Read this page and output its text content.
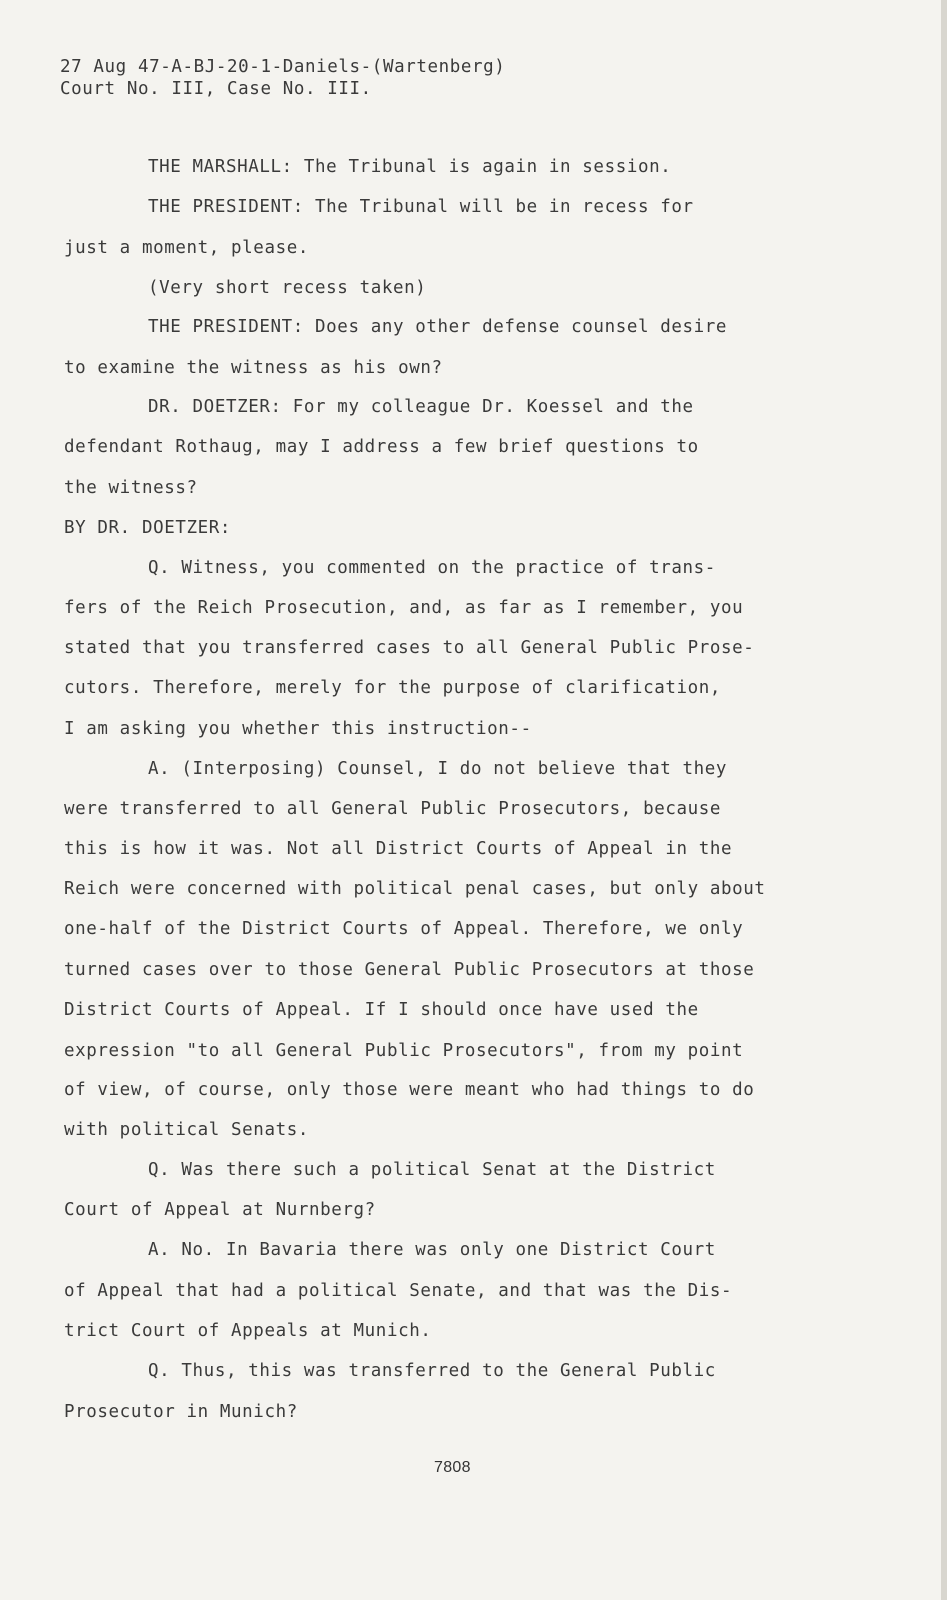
27 Aug 47-A-BJ-20-1-Daniels-(Wartenberg)
Court No. III, Case No. III.
THE MARSHALL: The Tribunal is again in session.
THE PRESIDENT: The Tribunal will be in recess for
just a moment, please.
(Very short recess taken)
THE PRESIDENT: Does any other defense counsel desire
to examine the witness as his own?
DR. DOETZER: For my colleague Dr. Koessel and the
defendant Rothaug, may I address a few brief questions to
the witness?
BY DR. DOETZER:
Q. Witness, you commented on the practice of trans-
fers of the Reich Prosecution, and, as far as I remember, you
stated that you transferred cases to all General Public Prose-
cutors. Therefore, merely for the purpose of clarification,
I am asking you whether this instruction--
A. (Interposing) Counsel, I do not believe that they
were transferred to all General Public Prosecutors, because
this is how it was. Not all District Courts of Appeal in the
Reich were concerned with political penal cases, but only about
one-half of the District Courts of Appeal. Therefore, we only
turned cases over to those General Public Prosecutors at those
District Courts of Appeal. If I should once have used the
expression "to all General Public Prosecutors", from my point
of view, of course, only those were meant who had things to do
with political Senats.
Q. Was there such a political Senat at the District
Court of Appeal at Nurnberg?
A. No. In Bavaria there was only one District Court
of Appeal that had a political Senate, and that was the Dis-
trict Court of Appeals at Munich.
Q. Thus, this was transferred to the General Public
Prosecutor in Munich?
7808
